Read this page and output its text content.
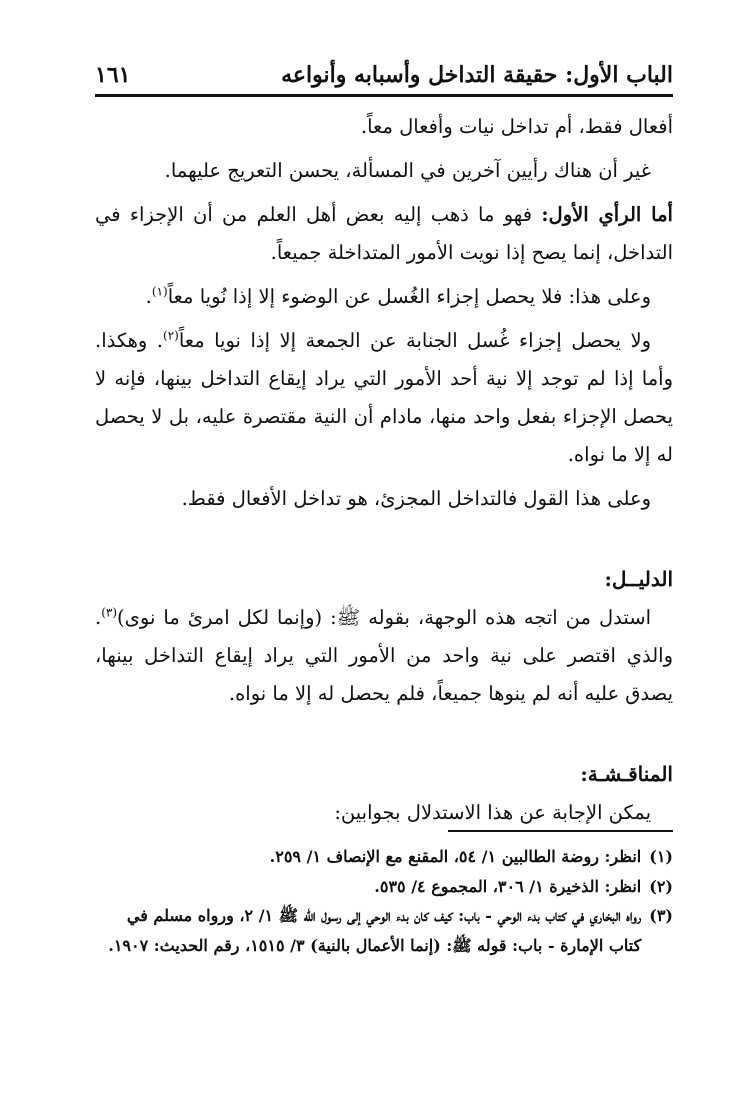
الباب الأول: حقيقة التداخل وأسبابه وأنواعه
١٦١

أفعال فقط، أم تداخل نيات وأفعال معاً.

غير أن هناك رأيين آخرين في المسألة، يحسن التعريج عليهما.

أما الرأي الأول: فهو ما ذهب إليه بعض أهل العلم من أن الإجزاء في التداخل، إنما يصح إذا نويت الأمور المتداخلة جميعاً.

وعلى هذا: فلا يحصل إجزاء الغُسل عن الوضوء إلا إذا نُويا معاً$^{(١)}$.

ولا يحصل إجزاء غُسل الجنابة عن الجمعة إلا إذا نويا معاً$^{(٢)}$. وهكذا. وأما إذا لم توجد إلا نية أحد الأمور التي يراد إيقاع التداخل بينها، فإنه لا يحصل الإجزاء بفعل واحد منها، مادام أن النية مقتصرة عليه، بل لا يحصل له إلا ما نواه.

وعلى هذا القول فالتداخل المجزئ، هو تداخل الأفعال فقط.

الدليــل:

استدل من اتجه هذه الوجهة، بقوله ﷺ: (وإنما لكل امرئ ما نوى)$^{(٣)}$. والذي اقتصر على نية واحد من الأمور التي يراد إيقاع التداخل بينها، يصدق عليه أنه لم ينوها جميعاً، فلم يحصل له إلا ما نواه.

المناقـشـة:

يمكن الإجابة عن هذا الاستدلال بجوابين:

(١)
انظر: روضة الطالبين ١/ ٥٤، المقنع مع الإنصاف ١/ ٢٥٩.
(٢)
انظر: الذخيرة ١/ ٣٠٦، المجموع ٤/ ٥٣٥.
(٣)
رواه البخاري في كتاب بدء الوحي - باب: كيف كان بدء الوحي إلى رسول الله ﷺ ١/ ٢، ورواه مسلم في كتاب الإمارة - باب: قوله ﷺ: (إنما الأعمال بالنية) ٣/ ١٥١٥، رقم الحديث: ١٩٠٧.
